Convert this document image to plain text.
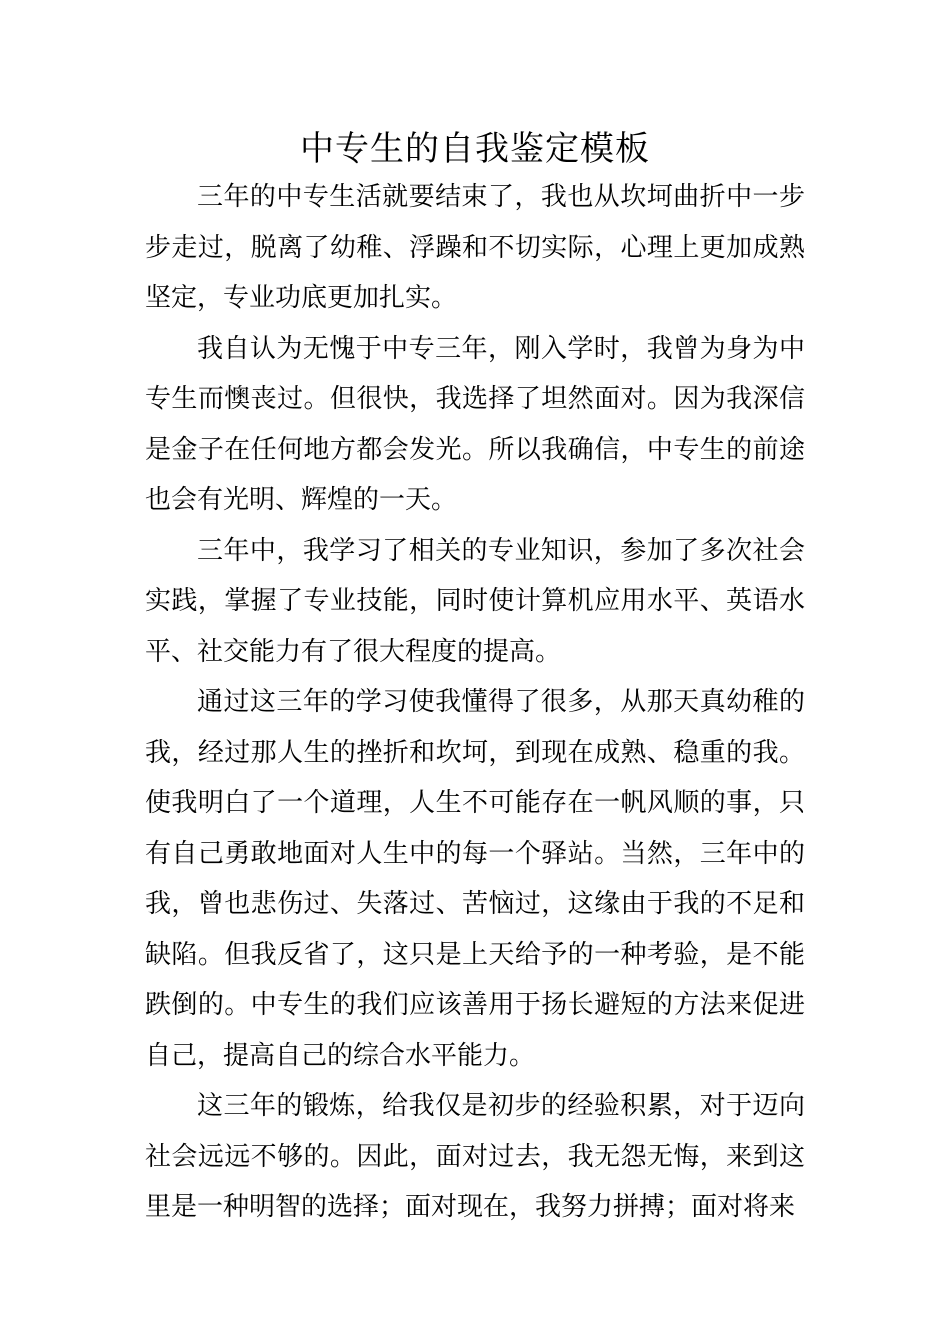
中专生的自我鉴定模板

三年的中专生活就要结束了，我也从坎坷曲折中一步步走过，脱离了幼稚、浮躁和不切实际，心理上更加成熟坚定，专业功底更加扎实。

我自认为无愧于中专三年，刚入学时，我曾为身为中专生而懊丧过。但很快，我选择了坦然面对。因为我深信是金子在任何地方都会发光。所以我确信，中专生的前途也会有光明、辉煌的一天。

三年中，我学习了相关的专业知识，参加了多次社会实践，掌握了专业技能，同时使计算机应用水平、英语水平、社交能力有了很大程度的提高。

通过这三年的学习使我懂得了很多，从那天真幼稚的我，经过那人生的挫折和坎坷，到现在成熟、稳重的我。使我明白了一个道理，人生不可能存在一帆风顺的事，只有自己勇敢地面对人生中的每一个驿站。当然，三年中的我，曾也悲伤过、失落过、苦恼过，这缘由于我的不足和缺陷。但我反省了，这只是上天给予的一种考验，是不能跌倒的。中专生的我们应该善用于扬长避短的方法来促进自己，提高自己的综合水平能力。

这三年的锻炼，给我仅是初步的经验积累，对于迈向社会远远不够的。因此，面对过去，我无怨无悔，来到这里是一种明智的选择；面对现在，我努力拼搏；面对将来
